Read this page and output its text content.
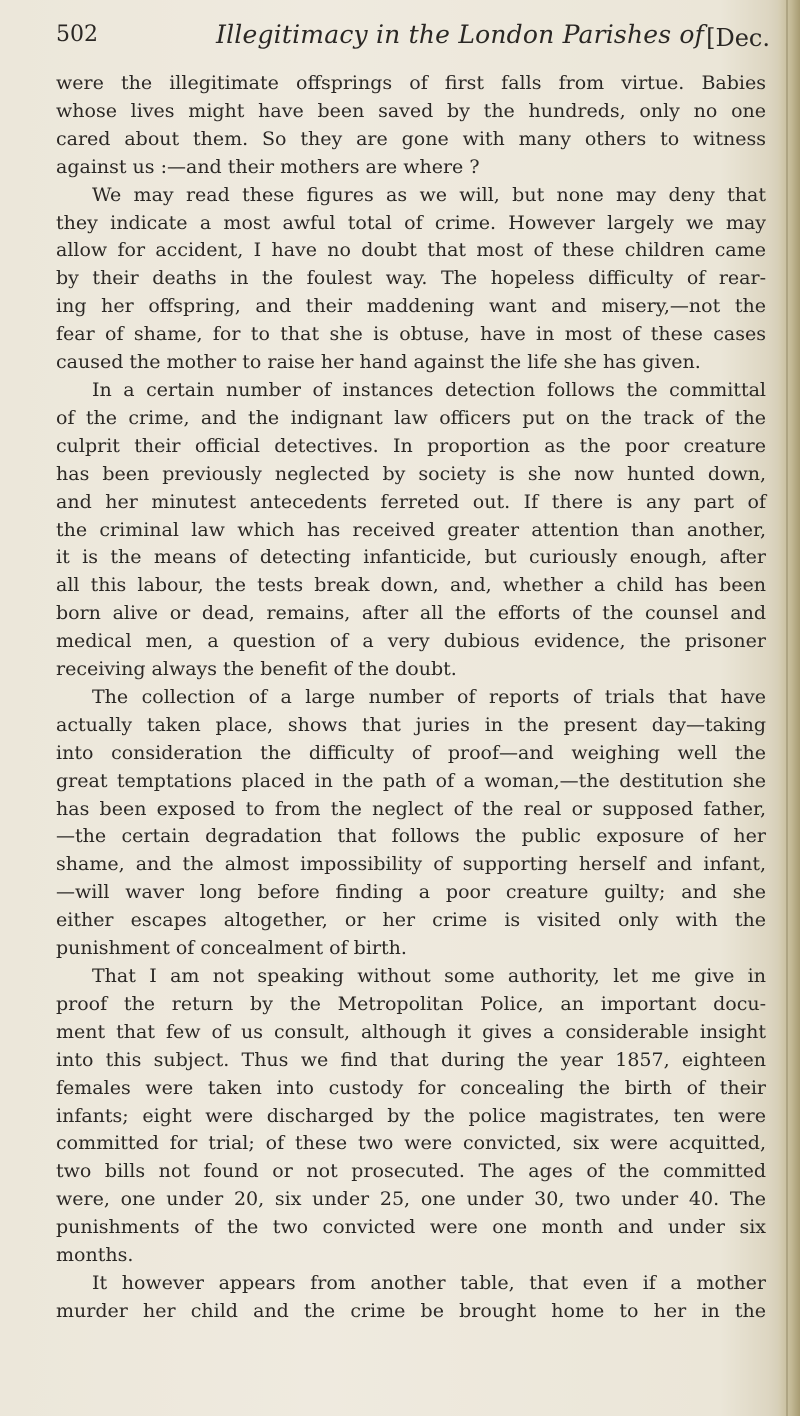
502	Illegitimacy in the London Parishes of [Dec.
were the illegitimate offsprings of first falls from virtue. Babies
whose lives might have been saved by the hundreds, only no one
cared about them. So they are gone with many others to witness
against us :—and their mothers are where ?
We may read these figures as we will, but none may deny that
they indicate a most awful total of crime. However largely we may
allow for accident, I have no doubt that most of these children came
by their deaths in the foulest way. The hopeless difficulty of rear-
ing her offspring, and their maddening want and misery,—not the
fear of shame, for to that she is obtuse, have in most of these cases
caused the mother to raise her hand against the life she has given.
In a certain number of instances detection follows the committal
of the crime, and the indignant law officers put on the track of the
culprit their official detectives. In proportion as the poor creature
has been previously neglected by society is she now hunted down,
and her minutest antecedents ferreted out. If there is any part of
the criminal law which has received greater attention than another,
it is the means of detecting infanticide, but curiously enough, after
all this labour, the tests break down, and, whether a child has been
born alive or dead, remains, after all the efforts of the counsel and
medical men, a question of a very dubious evidence, the prisoner
receiving always the benefit of the doubt.
The collection of a large number of reports of trials that have
actually taken place, shows that juries in the present day—taking
into consideration the difficulty of proof—and weighing well the
great temptations placed in the path of a woman,—the destitution she
has been exposed to from the neglect of the real or supposed father,
—the certain degradation that follows the public exposure of her
shame, and the almost impossibility of supporting herself and infant,
—will waver long before finding a poor creature guilty; and she
either escapes altogether, or her crime is visited only with the
punishment of concealment of birth.
That I am not speaking without some authority, let me give in
proof the return by the Metropolitan Police, an important docu-
ment that few of us consult, although it gives a considerable insight
into this subject. Thus we find that during the year 1857, eighteen
females were taken into custody for concealing the birth of their
infants; eight were discharged by the police magistrates, ten were
committed for trial; of these two were convicted, six were acquitted,
two bills not found or not prosecuted. The ages of the committed
were, one under 20, six under 25, one under 30, two under 40. The
punishments of the two convicted were one month and under six
months.
It however appears from another table, that even if a mother
murder her child and the crime be brought home to her in the
